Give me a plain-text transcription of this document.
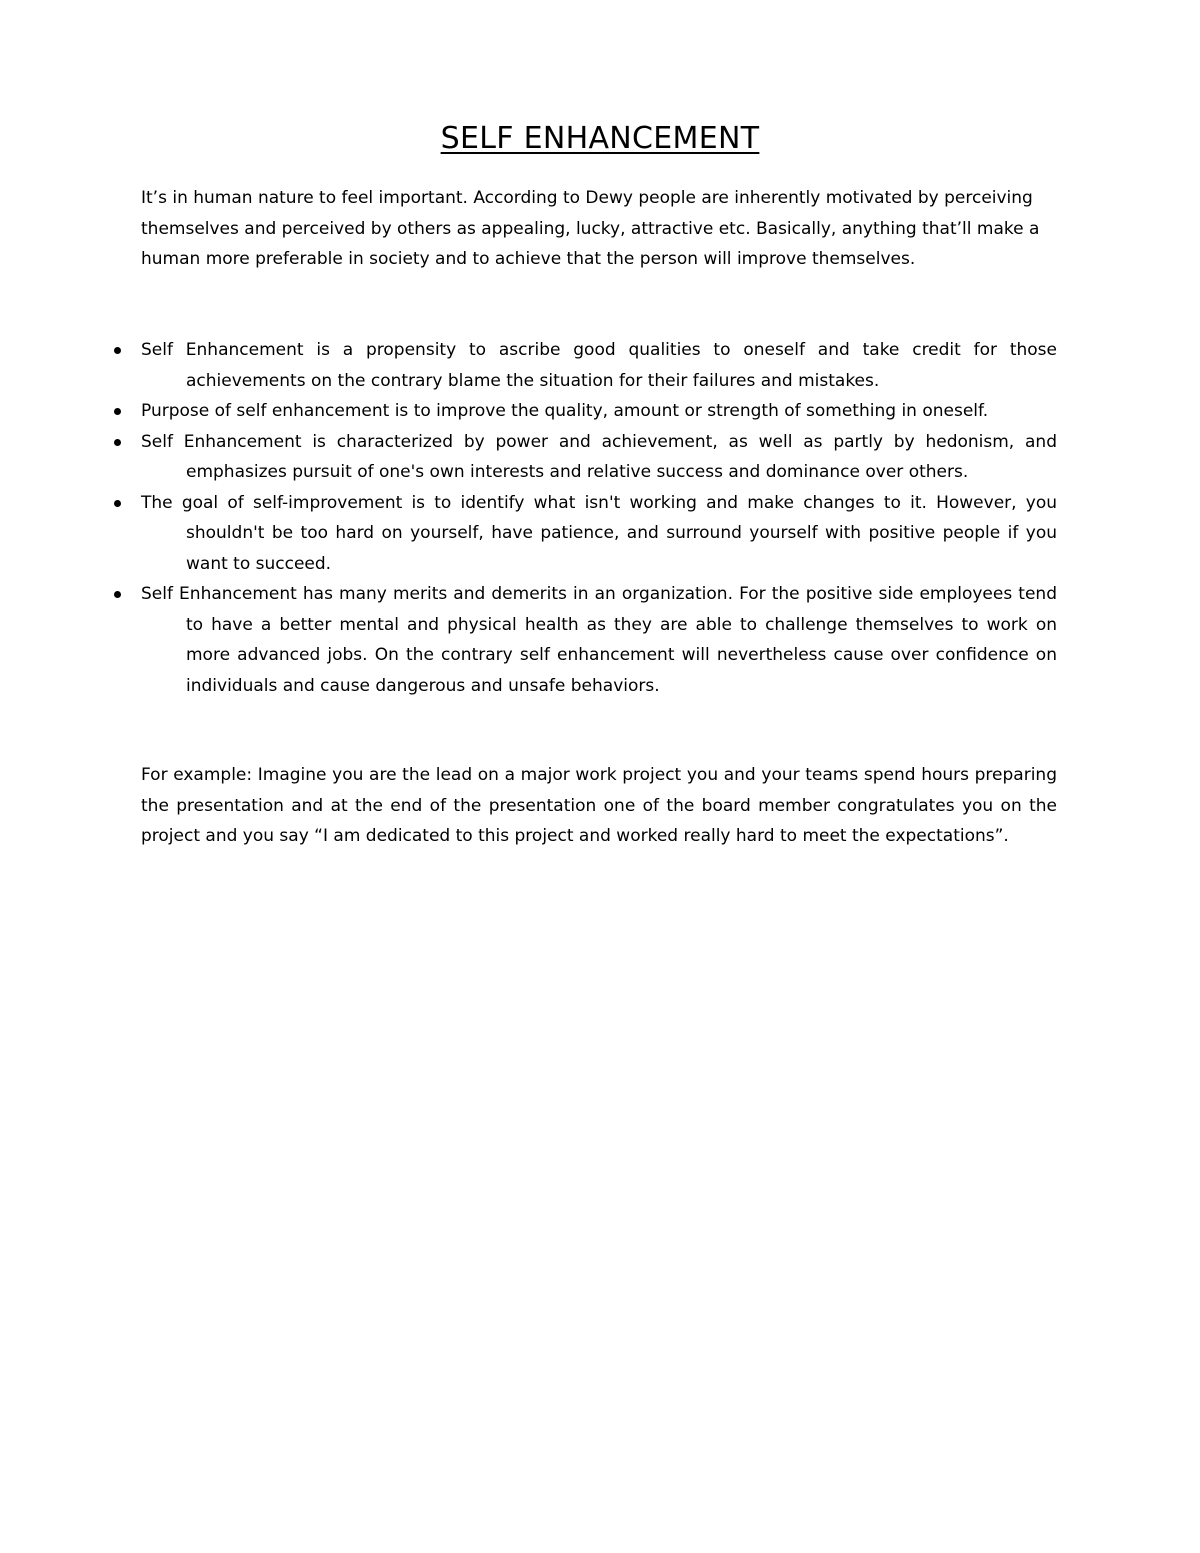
SELF ENHANCEMENT

It’s in human nature to feel important. According to Dewy people are inherently motivated by perceiving themselves and perceived by others as appealing, lucky, attractive etc. Basically, anything that’ll make a human more preferable in society and to achieve that the person will improve themselves.

Self Enhancement is a propensity to ascribe good qualities to oneself and take credit for those achievements on the contrary blame the situation for their failures and mistakes.
Purpose of self enhancement is to improve the quality, amount or strength of something in oneself.
Self Enhancement is characterized by power and achievement, as well as partly by hedonism, and emphasizes pursuit of one's own interests and relative success and dominance over others.
The goal of self-improvement is to identify what isn't working and make changes to it. However, you shouldn't be too hard on yourself, have patience, and surround yourself with positive people if you want to succeed.
Self Enhancement has many merits and demerits in an organization. For the positive side employees tend to have a better mental and physical health as they are able to challenge themselves to work on more advanced jobs. On the contrary self enhancement will nevertheless cause over confidence on individuals and cause dangerous and unsafe behaviors.

For example: Imagine you are the lead on a major work project you and your teams spend hours preparing the presentation and at the end of the presentation one of the board member congratulates you on the project and you say “I am dedicated to this project and worked really hard to meet the expectations”.
